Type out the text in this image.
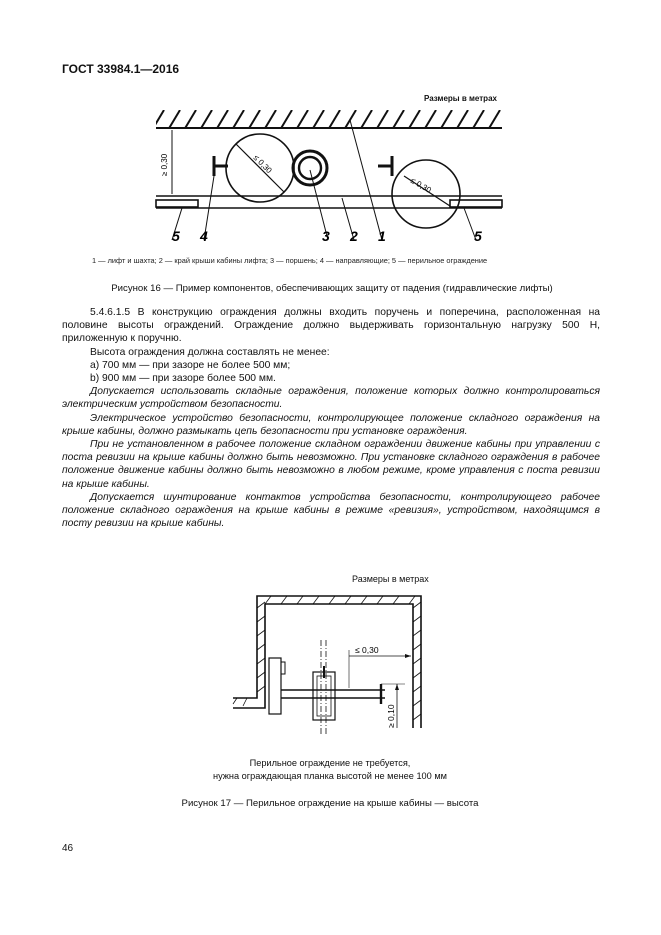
ГОСТ 33984.1—2016
Размеры в метрах
≥ 0,30	≤ 0,30
≤ 0,30
5 4	3 2 1	5
1 — лифт и шахта; 2 — край крыши кабины лифта; 3 — поршень; 4 — направляющие; 5 — перильное ограждение
Рисунок 16 — Пример компонентов, обеспечивающих защиту от падения (гидравлические лифты)

5.4.6.1.5 В конструкцию ограждения должны входить поручень и поперечина, расположенная на половине высоты ограждений. Ограждение должно выдерживать горизонтальную нагрузку 500 Н, приложенную к поручню.

Высота ограждения должна составлять не менее:

a) 700 мм — при зазоре не более 500 мм;

b) 900 мм — при зазоре более 500 мм.

Допускается использовать складные ограждения, положение которых должно контролироваться электрическим устройством безопасности.

Электрическое устройство безопасности, контролирующее положение складного ограждения на крыше кабины, должно размыкать цепь безопасности при установке ограждения.

При не установленном в рабочее положение складном ограждении движение кабины при управлении с поста ревизии на крыше кабины должно быть невозможно. При установке складного ограждения в рабочее положение движение кабины должно быть невозможно в любом режиме, кроме управления с поста ревизии на крыше кабины.

Допускается шунтирование контактов устройства безопасности, контролирующего рабочее положение складного ограждения на крыше кабины в режиме «ревизия», устройством, находящимся в посту ревизии на крыше кабины.

Размеры в метрах
≤ 0,30
≥ 0,10
Перильное ограждение не требуется,
нужна ограждающая планка высотой не менее 100 мм
Рисунок 17 — Перильное ограждение на крыше кабины — высота
46
